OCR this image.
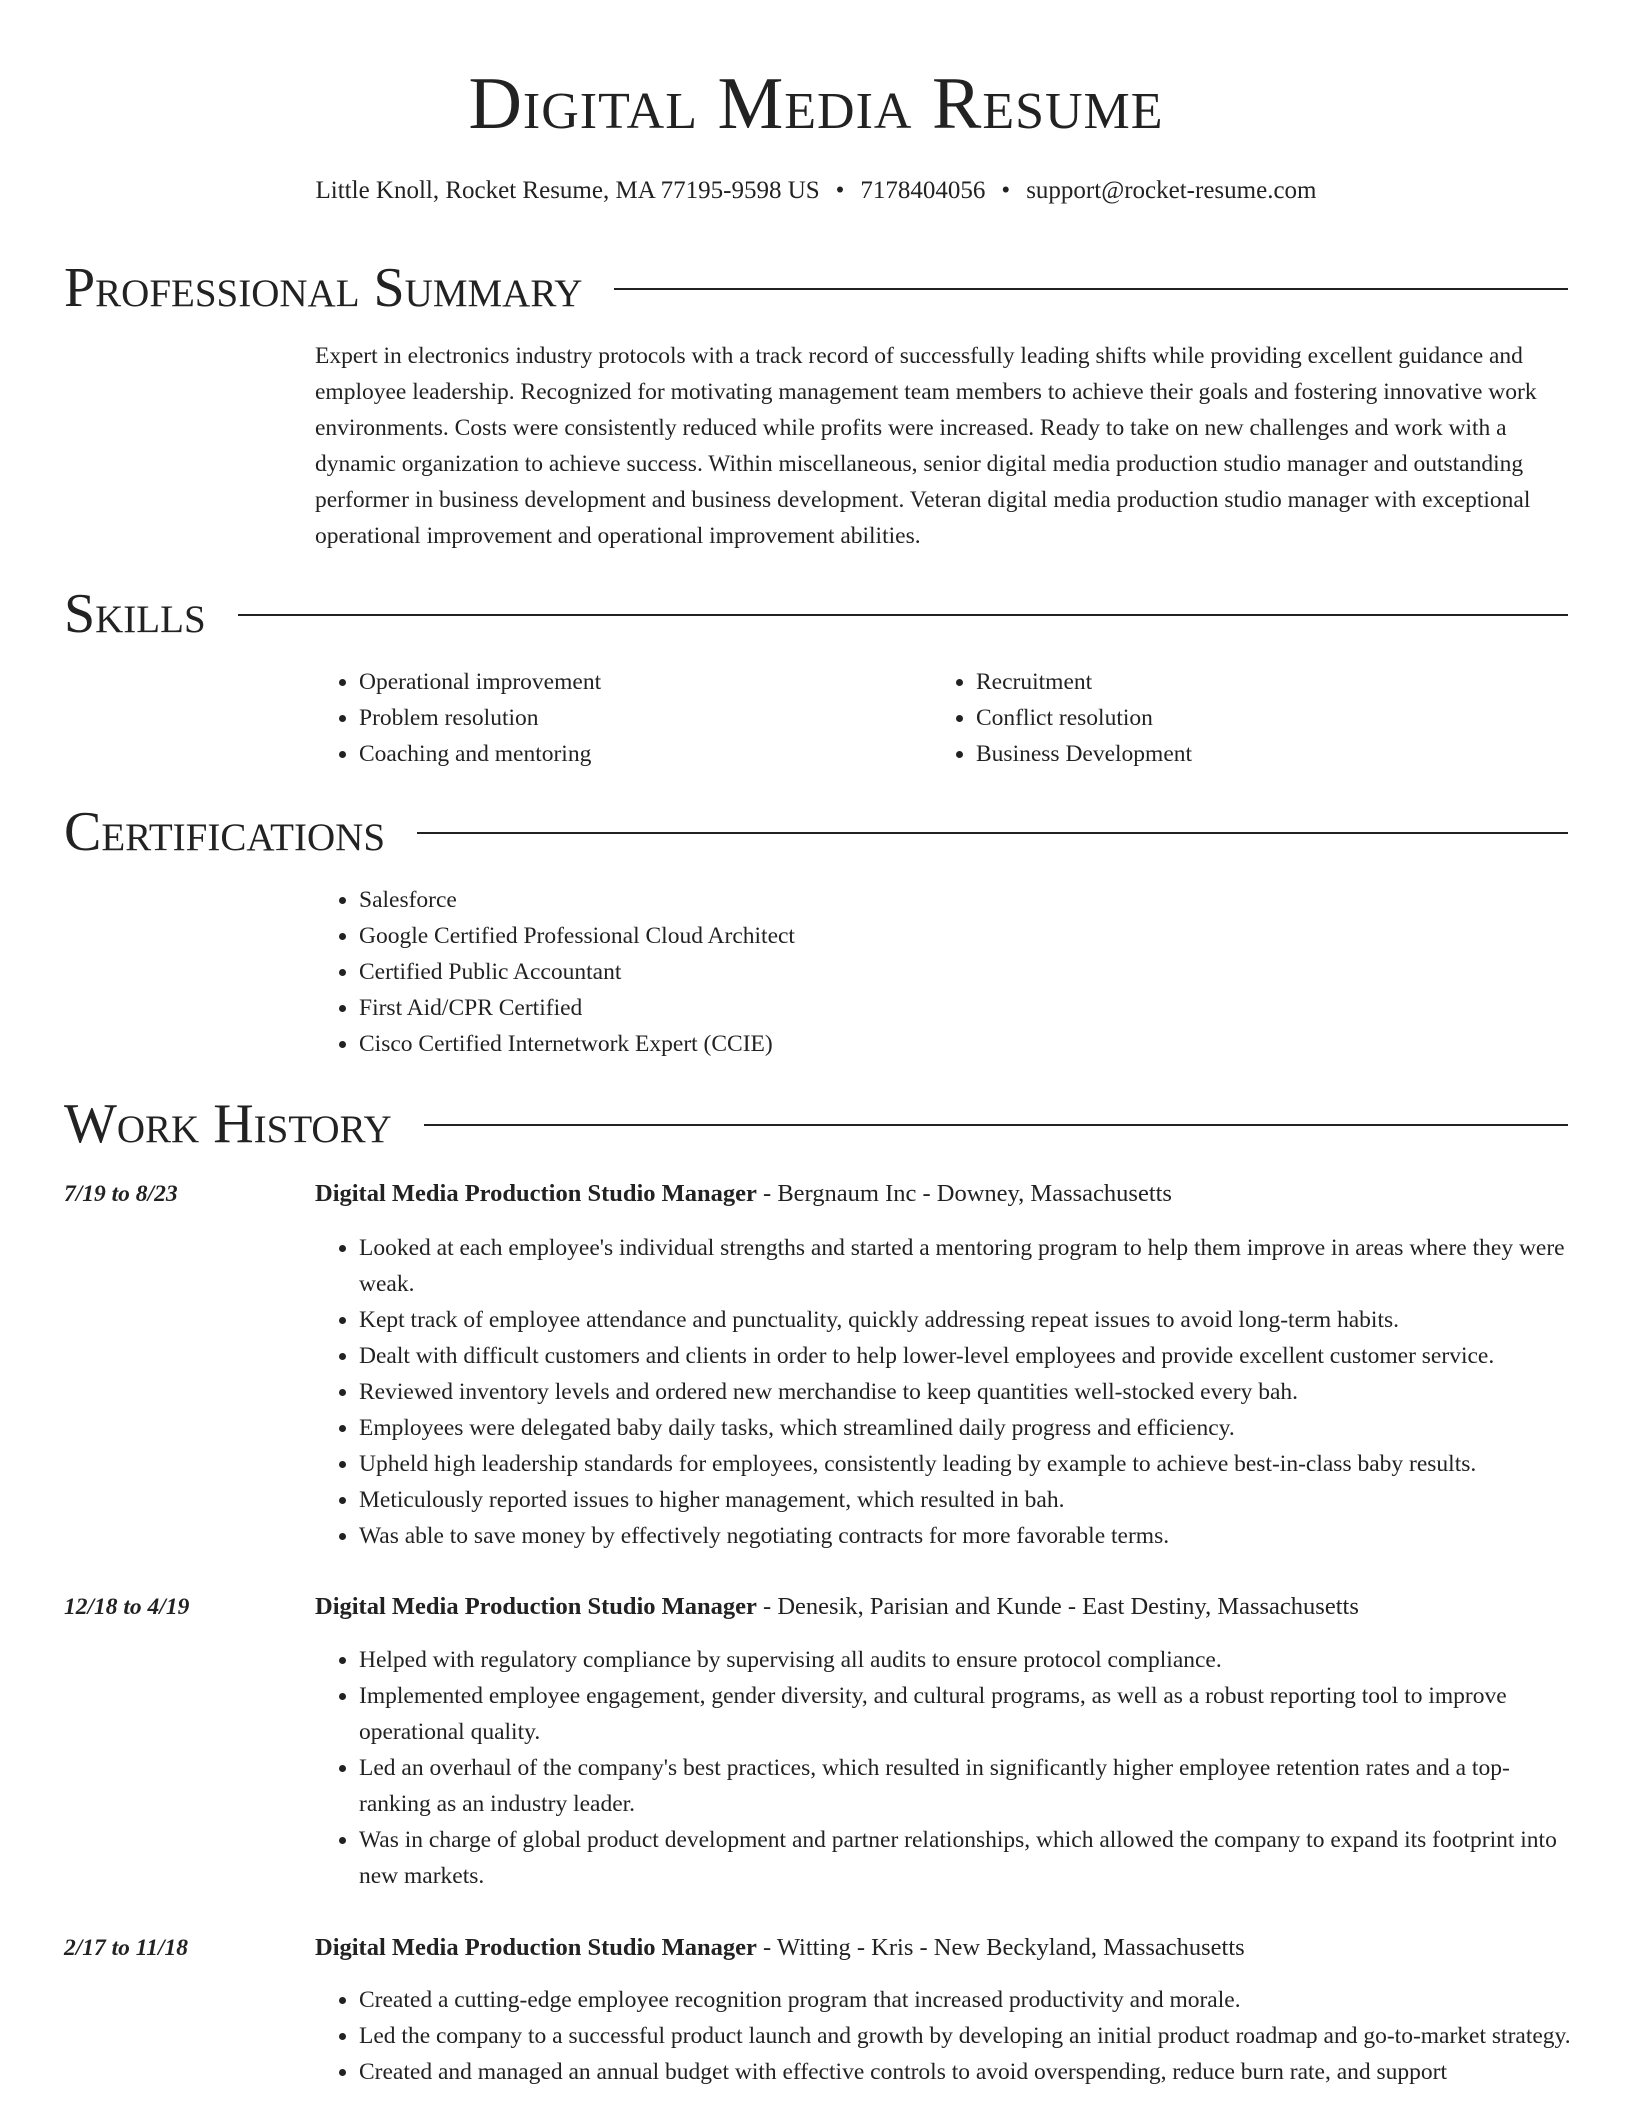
Digital Media Resume
Little Knoll, Rocket Resume, MA 77195-9598 US • 7178404056 • support@rocket-resume.com
Professional Summary

Expert in electronics industry protocols with a track record of successfully leading shifts while providing excellent guidance and employee leadership. Recognized for motivating management team members to achieve their goals and fostering innovative work environments. Costs were consistently reduced while profits were increased. Ready to take on new challenges and work with a dynamic organization to achieve success. Within miscellaneous, senior digital media production studio manager and outstanding performer in business development and business development. Veteran digital media production studio manager with exceptional operational improvement and operational improvement abilities.

Skills
• Operational improvement
• Problem resolution
• Coaching and mentoring
• Recruitment
• Conflict resolution
• Business Development
Certifications
• Salesforce
• Google Certified Professional Cloud Architect
• Certified Public Accountant
• First Aid/CPR Certified
• Cisco Certified Internetwork Expert (CCIE)
Work History
7/19 to 8/23	Digital Media Production Studio Manager - Bergnaum Inc - Downey, Massachusetts
• Looked at each employee's individual strengths and started a mentoring program to help them improve in areas where they were weak.
• Kept track of employee attendance and punctuality, quickly addressing repeat issues to avoid long-term habits.
• Dealt with difficult customers and clients in order to help lower-level employees and provide excellent customer service.
• Reviewed inventory levels and ordered new merchandise to keep quantities well-stocked every bah.
• Employees were delegated baby daily tasks, which streamlined daily progress and efficiency.
• Upheld high leadership standards for employees, consistently leading by example to achieve best-in-class baby results.
• Meticulously reported issues to higher management, which resulted in bah.
• Was able to save money by effectively negotiating contracts for more favorable terms.
12/18 to 4/19	Digital Media Production Studio Manager - Denesik, Parisian and Kunde - East Destiny, Massachusetts
• Helped with regulatory compliance by supervising all audits to ensure protocol compliance.
• Implemented employee engagement, gender diversity, and cultural programs, as well as a robust reporting tool to improve operational quality.
• Led an overhaul of the company's best practices, which resulted in significantly higher employee retention rates and a top-ranking as an industry leader.
• Was in charge of global product development and partner relationships, which allowed the company to expand its footprint into new markets.
2/17 to 11/18	Digital Media Production Studio Manager - Witting - Kris - New Beckyland, Massachusetts
• Created a cutting-edge employee recognition program that increased productivity and morale.
• Led the company to a successful product launch and growth by developing an initial product roadmap and go-to-market strategy.
• Created and managed an annual budget with effective controls to avoid overspending, reduce burn rate, and support
